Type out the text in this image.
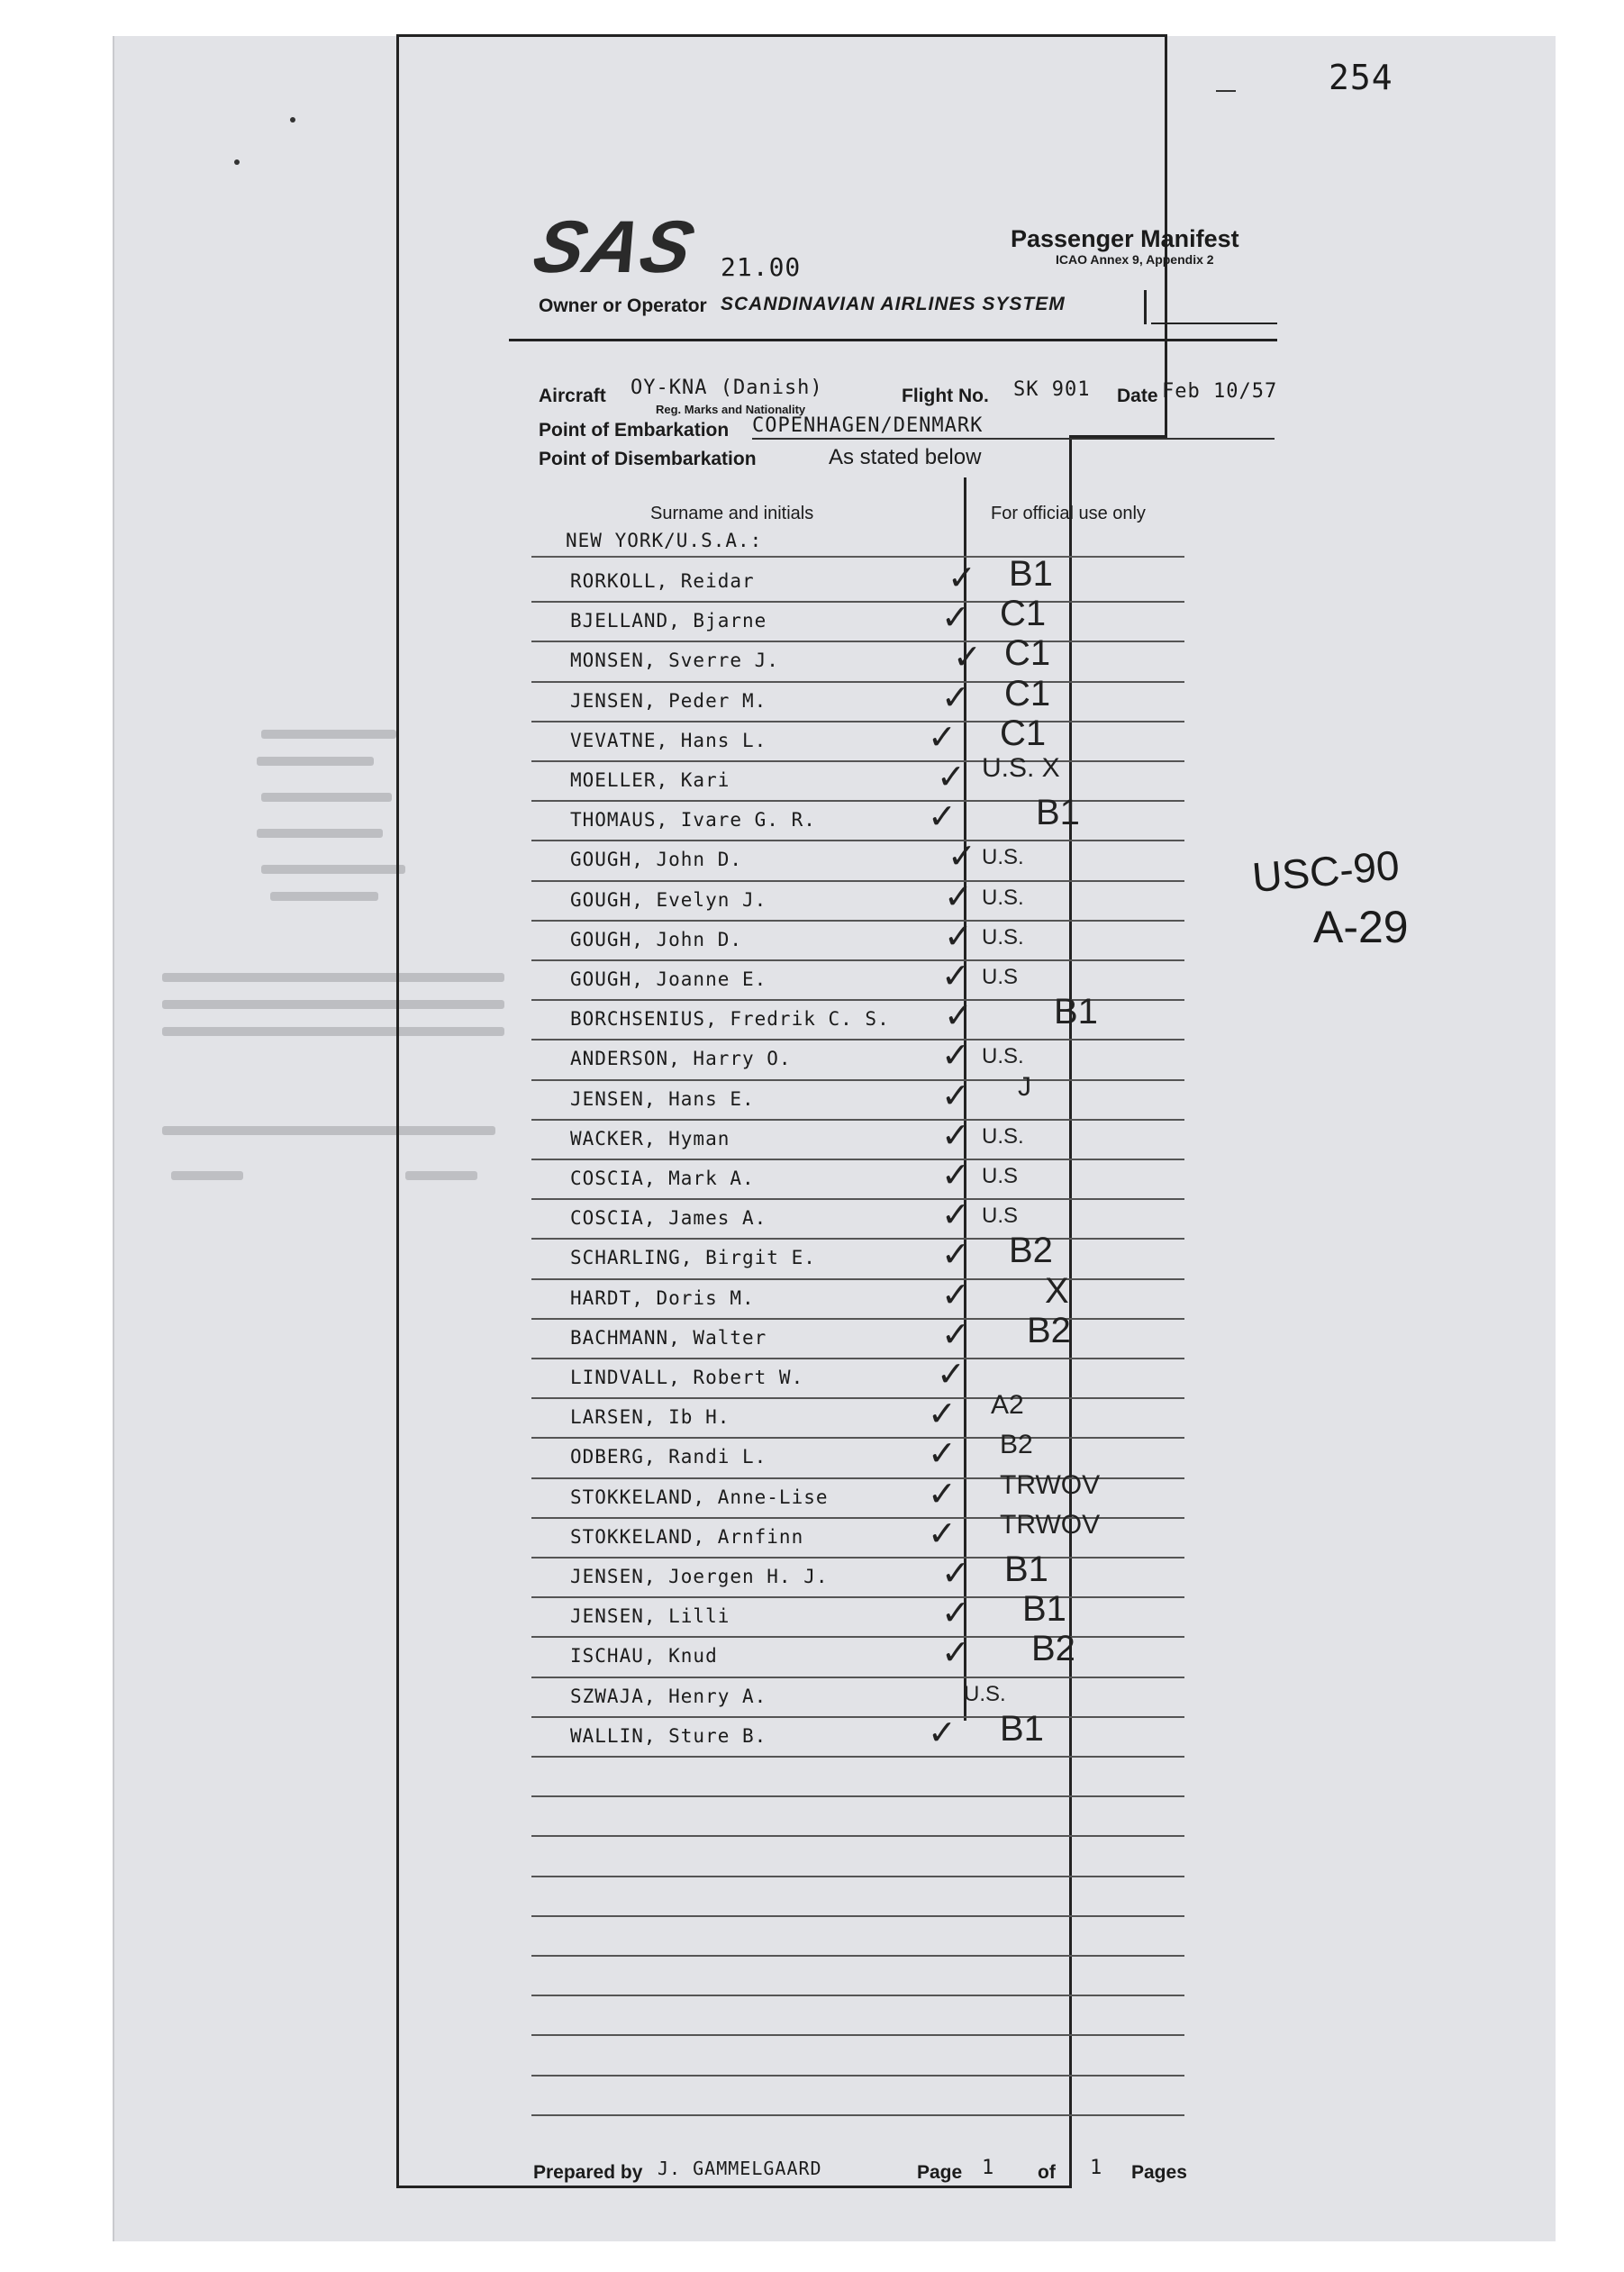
254
SAS 21.00
Passenger Manifest
ICAO Annex 9, Appendix 2
Owner or Operator SCANDINAVIAN AIRLINES SYSTEM
Aircraft OY-KNA (Danish)
Reg. Marks and Nationality
Flight No. SK 901 Date Feb 10/57
Point of Embarkation COPENHAGEN/DENMARK
Point of Disembarkation	As stated below
Surname and initials	For official use only
NEW YORK/U.S.A.:
RORKOLL, Reidar	✓ B1
BJELLAND, Bjarne	✓ C1
MONSEN, Sverre J.	✓ C1
JENSEN, Peder M.	✓ C1
VEVATNE, Hans L.	✓ C1
MOELLER, Kari	✓ U.S. X
THOMAUS, Ivare G. R.	✓ B1
GOUGH, John D.	✓ U.S.
GOUGH, Evelyn J.	✓ U.S.
GOUGH, John D.	✓ U.S.
GOUGH, Joanne E.	✓ U.S
BORCHSENIUS, Fredrik C. S. ✓ B1
ANDERSON, Harry O.	✓ U.S.
JENSEN, Hans E.	✓ J
WACKER, Hyman	✓ U.S.
COSCIA, Mark A.	✓ U.S
COSCIA, James A.	✓ U.S
SCHARLING, Birgit E.	✓ B2
HARDT, Doris M.	✓ X
BACHMANN, Walter	✓ B2
LINDVALL, Robert W.	✓
LARSEN, Ib H.	✓ A2
ODBERG, Randi L.	✓ B2
STOKKELAND, Anne-Lise	✓ TRWOV
STOKKELAND, Arnfinn	✓ TRWOV
JENSEN, Joergen H. J.	✓ B1
JENSEN, Lilli	✓ B1
ISCHAU, Knud	✓ B2
SZWAJA, Henry A.	U.S.
WALLIN, Sture B.	✓ B1
USC-90
A-29
Prepared by J. GAMMELGAARD	Page 1 of 1 Pages
